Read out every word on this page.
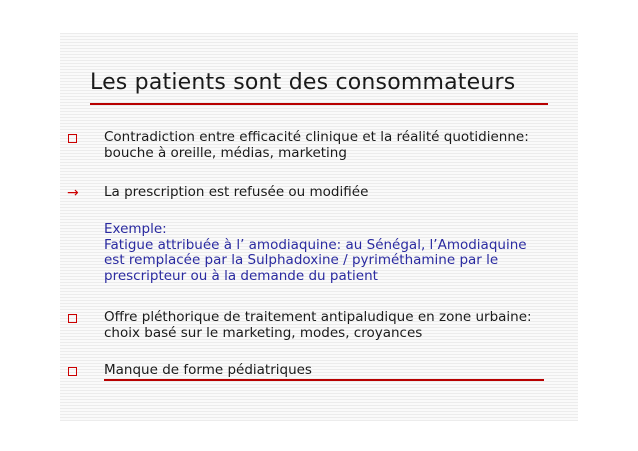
Les patients sont des consommateurs
Contradiction entre efficacité clinique et la réalité quotidienne:
bouche à oreille, médias, marketing
→ La prescription est refusée ou modifiée
Exemple:
Fatigue attribuée à l’ amodiaquine: au Sénégal, l’Amodiaquine
est remplacée par la Sulphadoxine / pyriméthamine par le
prescripteur ou à la demande du patient
Offre pléthorique de traitement antipaludique en zone urbaine:
choix basé sur le marketing, modes, croyances
Manque de forme pédiatriques
